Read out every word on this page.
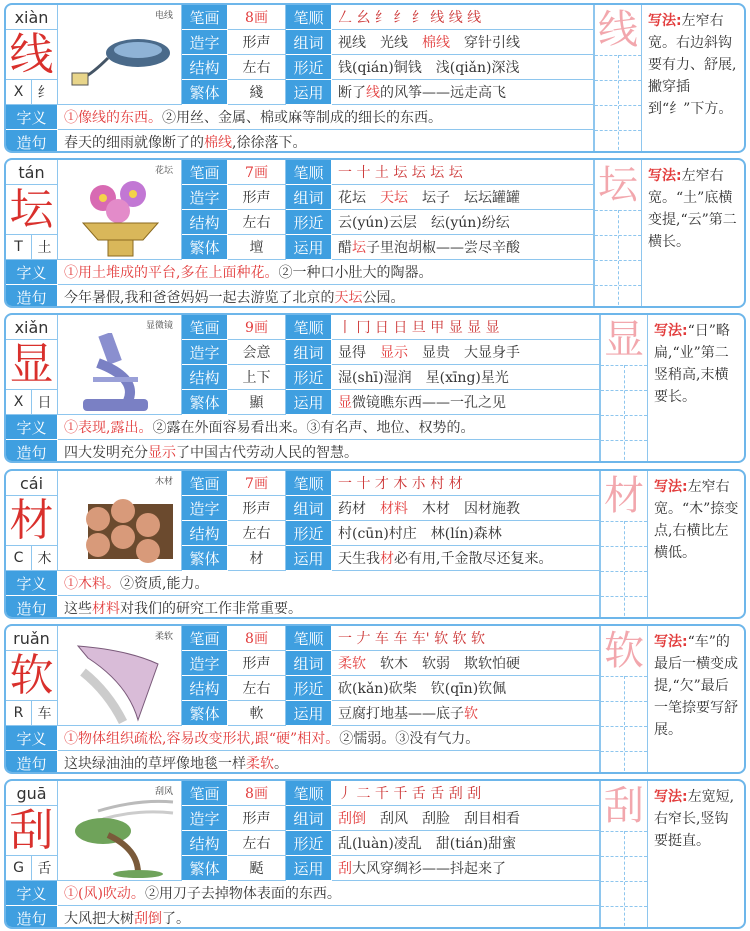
xiàn
线
X	纟
电线	笔画	8画	笔顺	𠃋 幺 纟 纟 纟 线 线 线
造字	形声	组词	视线　光线　 棉线 　穿针引线
结构	左右	形近	钱(qián)铜钱　浅(qiǎn)深浅
繁体	綫	运用	断了 线 的风筝——远走高飞
字义	①像线的东西。 ②用丝、金属、棉或麻等制成的细长的东西。
造句	春天的细雨就像断了的 棉线 ,徐徐落下。
线 写法:左窄右宽。右边斜钩要有力、舒展,撇穿插到“纟”下方。
tán
坛
T	土
花坛	笔画	7画	笔顺	一 十 土 坛 坛 坛 坛
造字	形声	组词	花坛　 天坛 　坛子　坛坛罐罐
结构	左右	形近	云(yún)云层　纭(yún)纷纭
繁体	壇	运用	醋 坛 子里泡胡椒——尝尽辛酸
字义	①用土堆成的平台,多在上面种花。 ②一种口小肚大的陶器。
造句	今年暑假,我和爸爸妈妈一起去游览了北京的 天坛 公园。
坛 写法:左窄右宽。“土”底横变提,“云”第二横长。
xiǎn
显
X	日
显微镜	笔画	9画	笔顺	丨 冂 日 日 旦 甲 显 显 显
造字	会意	组词	显得　 显示 　显贵　大显身手
结构	上下	形近	湿(shī)湿润　星(xīng)星光
繁体	顯	运用	显 微镜瞧东西——一孔之见
字义	①表现,露出。 ②露在外面容易看出来。③有名声、地位、权势的。
造句	四大发明充分 显示 了中国古代劳动人民的智慧。
显 写法:“日”略扁,“业”第二竖稍高,末横要长。
cái
材
C	木
木材	笔画	7画	笔顺	一 十 才 木 朩 村 材
造字	形声	组词	药材　 材料 　木材　因材施教
结构	左右	形近	村(cūn)村庄　林(lín)森林
繁体	材	运用	天生我 材 必有用,千金散尽还复来。
字义	①木料。 ②资质,能力。
造句	这些 材料 对我们的研究工作非常重要。
材 写法:左窄右宽。“木”捺变点,右横比左横低。
ruǎn
软
R	车
柔软	笔画	8画	笔顺	一 𠂇 车 车 车' 软 软 软
造字	形声	组词	柔软 　软木　软弱　欺软怕硬
结构	左右	形近	砍(kǎn)砍柴　钦(qīn)钦佩
繁体	軟	运用	豆腐打地基——底子 软
字义	①物体组织疏松,容易改变形状,跟“硬”相对。 ②懦弱。③没有气力。
造句	这块绿油油的草坪像地毯一样 柔软 。
软 写法:“车”的最后一横变成提,“欠”最后一笔捺要写舒展。
guā
刮
G 舌
刮风	笔画	8画	笔顺	丿 二 千 千 舌 舌 刮 刮
造字	形声	组词	刮倒 　刮风　刮脸　刮目相看
结构	左右	形近	乱(luàn)凌乱　甜(tián)甜蜜
繁体	颳	运用	刮 大风穿绸衫——抖起来了
字义	①(风)吹动。 ②用刀子去掉物体表面的东西。
造句	大风把大树 刮倒 了。
刮 写法:左宽短,右窄长,竖钩要挺直。
